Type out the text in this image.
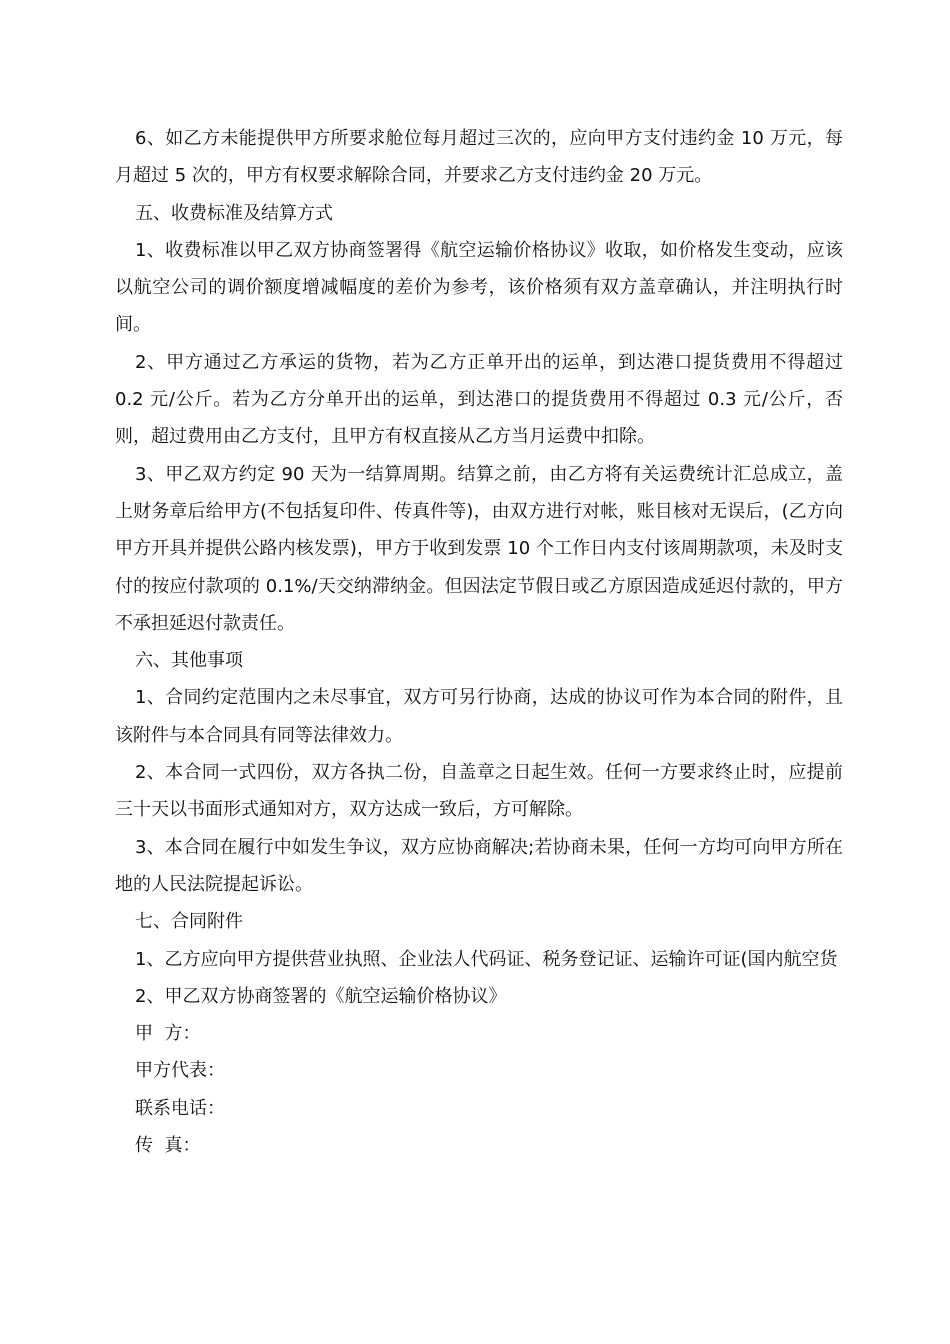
6、如乙方未能提供甲方所要求舱位每月超过三次的，应向甲方支付违约金 10 万元，每月超过 5 次的，甲方有权要求解除合同，并要求乙方支付违约金 20 万元。

五、收费标准及结算方式

1、收费标准以甲乙双方协商签署得《航空运输价格协议》收取，如价格发生变动，应该以航空公司的调价额度增减幅度的差价为参考，该价格须有双方盖章确认，并注明执行时间。

2、甲方通过乙方承运的货物，若为乙方正单开出的运单，到达港口提货费用不得超过 0.2 元/公斤。若为乙方分单开出的运单，到达港口的提货费用不得超过 0.3 元/公斤，否则，超过费用由乙方支付，且甲方有权直接从乙方当月运费中扣除。

3、甲乙双方约定 90 天为一结算周期。结算之前，由乙方将有关运费统计汇总成立，盖上财务章后给甲方(不包括复印件、传真件等)，由双方进行对帐，账目核对无误后，(乙方向甲方开具并提供公路内核发票)，甲方于收到发票 10 个工作日内支付该周期款项，未及时支付的按应付款项的 0.1%/天交纳滞纳金。但因法定节假日或乙方原因造成延迟付款的，甲方不承担延迟付款责任。

六、其他事项

1、合同约定范围内之未尽事宜，双方可另行协商，达成的协议可作为本合同的附件，且该附件与本合同具有同等法律效力。

2、本合同一式四份，双方各执二份，自盖章之日起生效。任何一方要求终止时，应提前三十天以书面形式通知对方，双方达成一致后，方可解除。

3、本合同在履行中如发生争议，双方应协商解决;若协商未果，任何一方均可向甲方所在地的人民法院提起诉讼。

七、合同附件

1、乙方应向甲方提供营业执照、企业法人代码证、税务登记证、运输许可证(国内航空货

2、甲乙双方协商签署的《航空运输价格协议》

甲  方：

甲方代表：

联系电话：

传  真：
